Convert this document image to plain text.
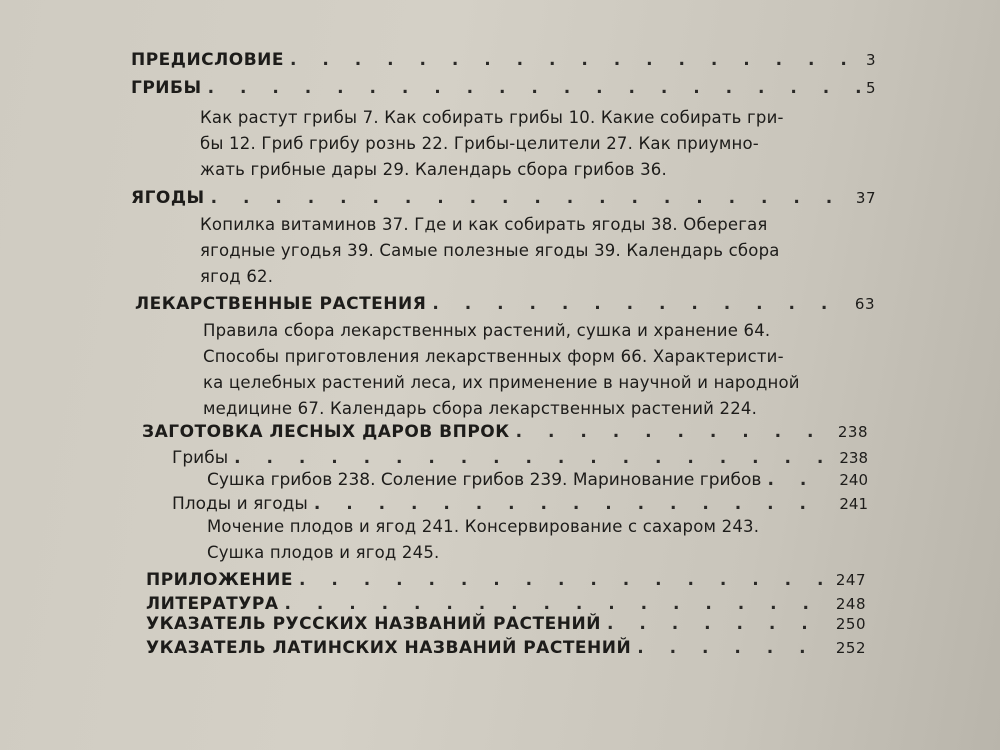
ПРЕДИСЛОВИЕ . . .	3
ГРИБЫ . . .	5
Как растут грибы 7. Как собирать грибы 10. Какие собирать гри-
бы 12. Гриб грибу рознь 22. Грибы-целители 27. Как приумно-
жать грибные дары 29. Календарь сбора грибов 36.
ЯГОДЫ . . .	37
Копилка витаминов 37. Где и как собирать ягоды 38. Оберегая
ягодные угодья 39. Самые полезные ягоды 39. Календарь сбора
ягод 62.
ЛЕКАРСТВЕННЫЕ РАСТЕНИЯ . . .	63
Правила сбора лекарственных растений, сушка и хранение 64.
Способы приготовления лекарственных форм 66. Характеристи-
ка целебных растений леса, их применение в научной и народной
медицине 67. Календарь сбора лекарственных растений 224.
ЗАГОТОВКА ЛЕСНЫХ ДАРОВ ВПРОК . . .	238
Грибы . . .	238
Сушка грибов 238. Соление грибов 239. Маринование грибов . . .	240
Плоды и ягоды . . .	241
Мочение плодов и ягод 241. Консервирование с сахаром 243.
Сушка плодов и ягод 245.
ПРИЛОЖЕНИЕ . . .	247
ЛИТЕРАТУРА . . .	248
УКАЗАТЕЛЬ РУССКИХ НАЗВАНИЙ РАСТЕНИЙ . . .	250
УКАЗАТЕЛЬ ЛАТИНСКИХ НАЗВАНИЙ РАСТЕНИЙ . . .	252
